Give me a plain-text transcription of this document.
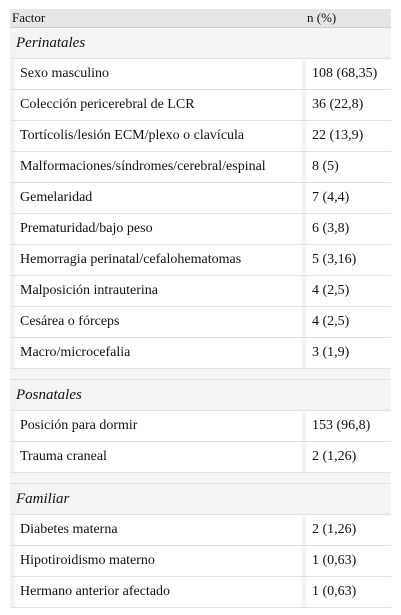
Factor	n (%)
Perinatales
Sexo masculino	108 (68,35)
Colección pericerebral de LCR	36 (22,8)
Tortícolis/lesión ECM/plexo o clavícula	22 (13,9)
Malformaciones/síndromes/cerebral/espinal	8 (5)
Gemelaridad	7 (4,4)
Prematuridad/bajo peso	6 (3,8)
Hemorragia perinatal/cefalohematomas	5 (3,16)
Malposición intrauterina	4 (2,5)
Cesárea o fórceps	4 (2,5)
Macro/microcefalia	3 (1,9)
Posnatales
Posición para dormir	153 (96,8)
Trauma craneal	2 (1,26)
Familiar
Diabetes materna	2 (1,26)
Hipotiroidismo materno	1 (0,63)
Hermano anterior afectado	1 (0,63)
